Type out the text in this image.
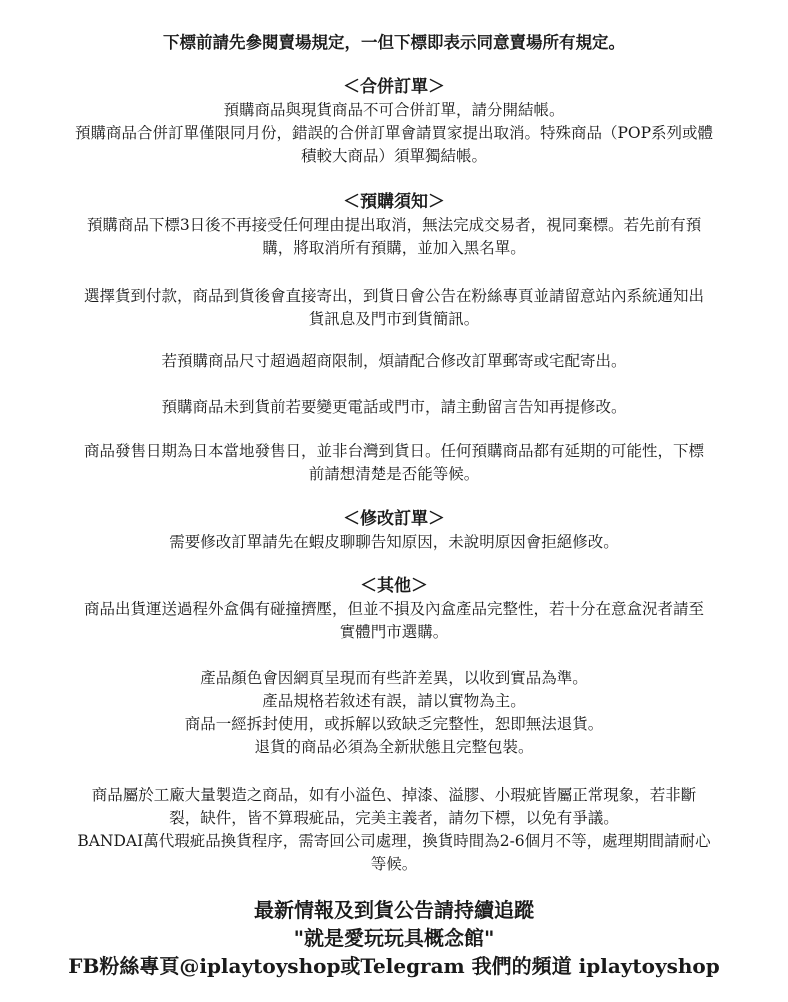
下標前請先參閱賣場規定，一但下標即表示同意賣場所有規定。

＜合併訂單＞

預購商品與現貨商品不可合併訂單，請分開結帳。

預購商品合併訂單僅限同月份，錯誤的合併訂單會請買家提出取消。特殊商品（POP系列或體

積較大商品）須單獨結帳。

＜預購須知＞

預購商品下標3日後不再接受任何理由提出取消，無法完成交易者，視同棄標。若先前有預

購，將取消所有預購，並加入黑名單。

選擇貨到付款，商品到貨後會直接寄出，到貨日會公告在粉絲專頁並請留意站內系統通知出

貨訊息及門市到貨簡訊。

若預購商品尺寸超過超商限制，煩請配合修改訂單郵寄或宅配寄出。

預購商品未到貨前若要變更電話或門市，請主動留言告知再提修改。

商品發售日期為日本當地發售日，並非台灣到貨日。任何預購商品都有延期的可能性，下標

前請想清楚是否能等候。

＜修改訂單＞

需要修改訂單請先在蝦皮聊聊告知原因，未說明原因會拒絕修改。

＜其他＞

商品出貨運送過程外盒偶有碰撞擠壓，但並不損及內盒產品完整性，若十分在意盒況者請至

實體門市選購。

產品顏色會因網頁呈現而有些許差異，以收到實品為準。

產品規格若敘述有誤，請以實物為主。

商品一經拆封使用，或拆解以致缺乏完整性，恕即無法退貨。

退貨的商品必須為全新狀態且完整包裝。

商品屬於工廠大量製造之商品，如有小溢色、掉漆、溢膠、小瑕疵皆屬正常現象，若非斷

裂，缺件，皆不算瑕疵品，完美主義者，請勿下標，以免有爭議。

BANDAI萬代瑕疵品換貨程序，需寄回公司處理，換貨時間為2-6個月不等，處理期間請耐心

等候。

最新情報及到貨公告請持續追蹤

"就是愛玩玩具概念館"

FB粉絲專頁@iplaytoyshop或Telegram 我們的頻道 iplaytoyshop
